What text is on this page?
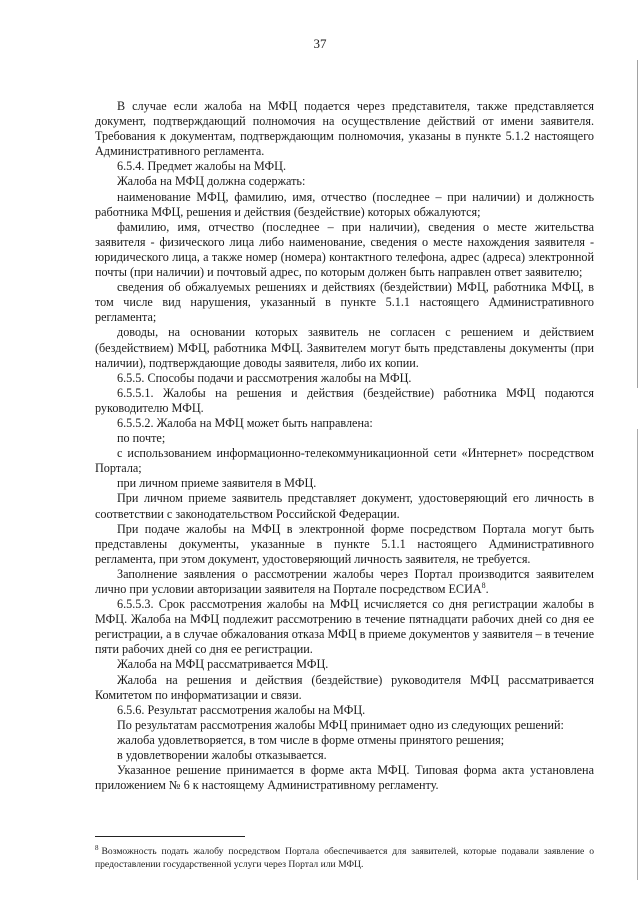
37

В случае если жалоба на МФЦ подается через представителя, также представляется документ, подтверждающий полномочия на осуществление действий от имени заявителя. Требования к документам, подтверждающим полномочия, указаны в пункте 5.1.2 настоящего Административного регламента.

6.5.4. Предмет жалобы на МФЦ.

Жалоба на МФЦ должна содержать:

наименование МФЦ, фамилию, имя, отчество (последнее – при наличии) и должность работника МФЦ, решения и действия (бездействие) которых обжалуются;

фамилию, имя, отчество (последнее – при наличии), сведения о месте жительства заявителя - физического лица либо наименование, сведения о месте нахождения заявителя - юридического лица, а также номер (номера) контактного телефона, адрес (адреса) электронной почты (при наличии) и почтовый адрес, по которым должен быть направлен ответ заявителю;

сведения об обжалуемых решениях и действиях (бездействии) МФЦ, работника МФЦ, в том числе вид нарушения, указанный в пункте 5.1.1 настоящего Административного регламента;

доводы, на основании которых заявитель не согласен с решением и действием (бездействием) МФЦ, работника МФЦ. Заявителем могут быть представлены документы (при наличии), подтверждающие доводы заявителя, либо их копии.

6.5.5. Способы подачи и рассмотрения жалобы на МФЦ.

6.5.5.1. Жалобы на решения и действия (бездействие) работника МФЦ подаются руководителю МФЦ.

6.5.5.2. Жалоба на МФЦ может быть направлена:

по почте;

с использованием информационно-телекоммуникационной сети «Интернет» посредством Портала;

при личном приеме заявителя в МФЦ.

При личном приеме заявитель представляет документ, удостоверяющий его личность в соответствии с законодательством Российской Федерации.

При подаче жалобы на МФЦ в электронной форме посредством Портала могут быть представлены документы, указанные в пункте 5.1.1 настоящего Административного регламента, при этом документ, удостоверяющий личность заявителя, не требуется.

Заполнение заявления о рассмотрении жалобы через Портал производится заявителем лично при условии авторизации заявителя на Портале посредством ЕСИА$^8$.

6.5.5.3. Срок рассмотрения жалобы на МФЦ исчисляется со дня регистрации жалобы в МФЦ. Жалоба на МФЦ подлежит рассмотрению в течение пятнадцати рабочих дней со дня ее регистрации, а в случае обжалования отказа МФЦ в приеме документов у заявителя – в течение пяти рабочих дней со дня ее регистрации.

Жалоба на МФЦ рассматривается МФЦ.

Жалоба на решения и действия (бездействие) руководителя МФЦ рассматривается Комитетом по информатизации и связи.

6.5.6. Результат рассмотрения жалобы на МФЦ.

По результатам рассмотрения жалобы МФЦ принимает одно из следующих решений:

жалоба удовлетворяется, в том числе в форме отмены принятого решения;

в удовлетворении жалобы отказывается.

Указанное решение принимается в форме акта МФЦ. Типовая форма акта установлена приложением № 6 к настоящему Административному регламенту.

$^8$ Возможность подать жалобу посредством Портала обеспечивается для заявителей, которые подавали заявление о предоставлении государственной услуги через Портал или МФЦ.
